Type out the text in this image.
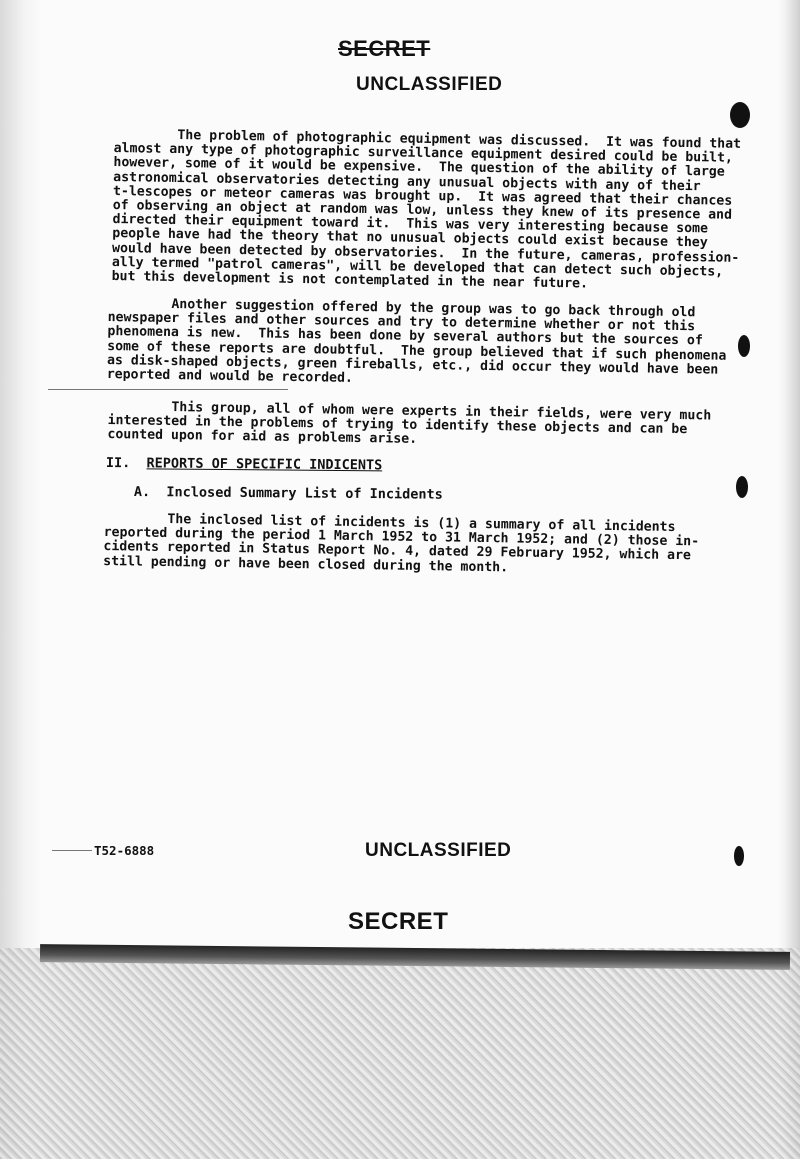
SECRET
UNCLASSIFIED
The problem of photographic equipment was discussed.  It was found that
almost any type of photographic surveillance equipment desired could be built,
however, some of it would be expensive.  The question of the ability of large
astronomical observatories detecting any unusual objects with any of their
t-lescopes or meteor cameras was brought up.  It was agreed that their chances
of observing an object at random was low, unless they knew of its presence and
directed their equipment toward it.  This was very interesting because some
people have had the theory that no unusual objects could exist because they
would have been detected by observatories.  In the future, cameras, profession-
ally termed "patrol cameras", will be developed that can detect such objects,
but this development is not contemplated in the near future.
Another suggestion offered by the group was to go back through old
newspaper files and other sources and try to determine whether or not this
phenomena is new.  This has been done by several authors but the sources of
some of these reports are doubtful.  The group believed that if such phenomena
as disk-shaped objects, green fireballs, etc., did occur they would have been
reported and would be recorded.
This group, all of whom were experts in their fields, were very much
interested in the problems of trying to identify these objects and can be
counted upon for aid as problems arise.
II. REPORTS OF SPECIFIC INDICENTS
A. Inclosed Summary List of Incidents
The inclosed list of incidents is (1) a summary of all incidents
reported during the period 1 March 1952 to 31 March 1952; and (2) those in-
cidents reported in Status Report No. 4, dated 29 February 1952, which are
still pending or have been closed during the month.
T52-6888	UNCLASSIFIED
SECRET
